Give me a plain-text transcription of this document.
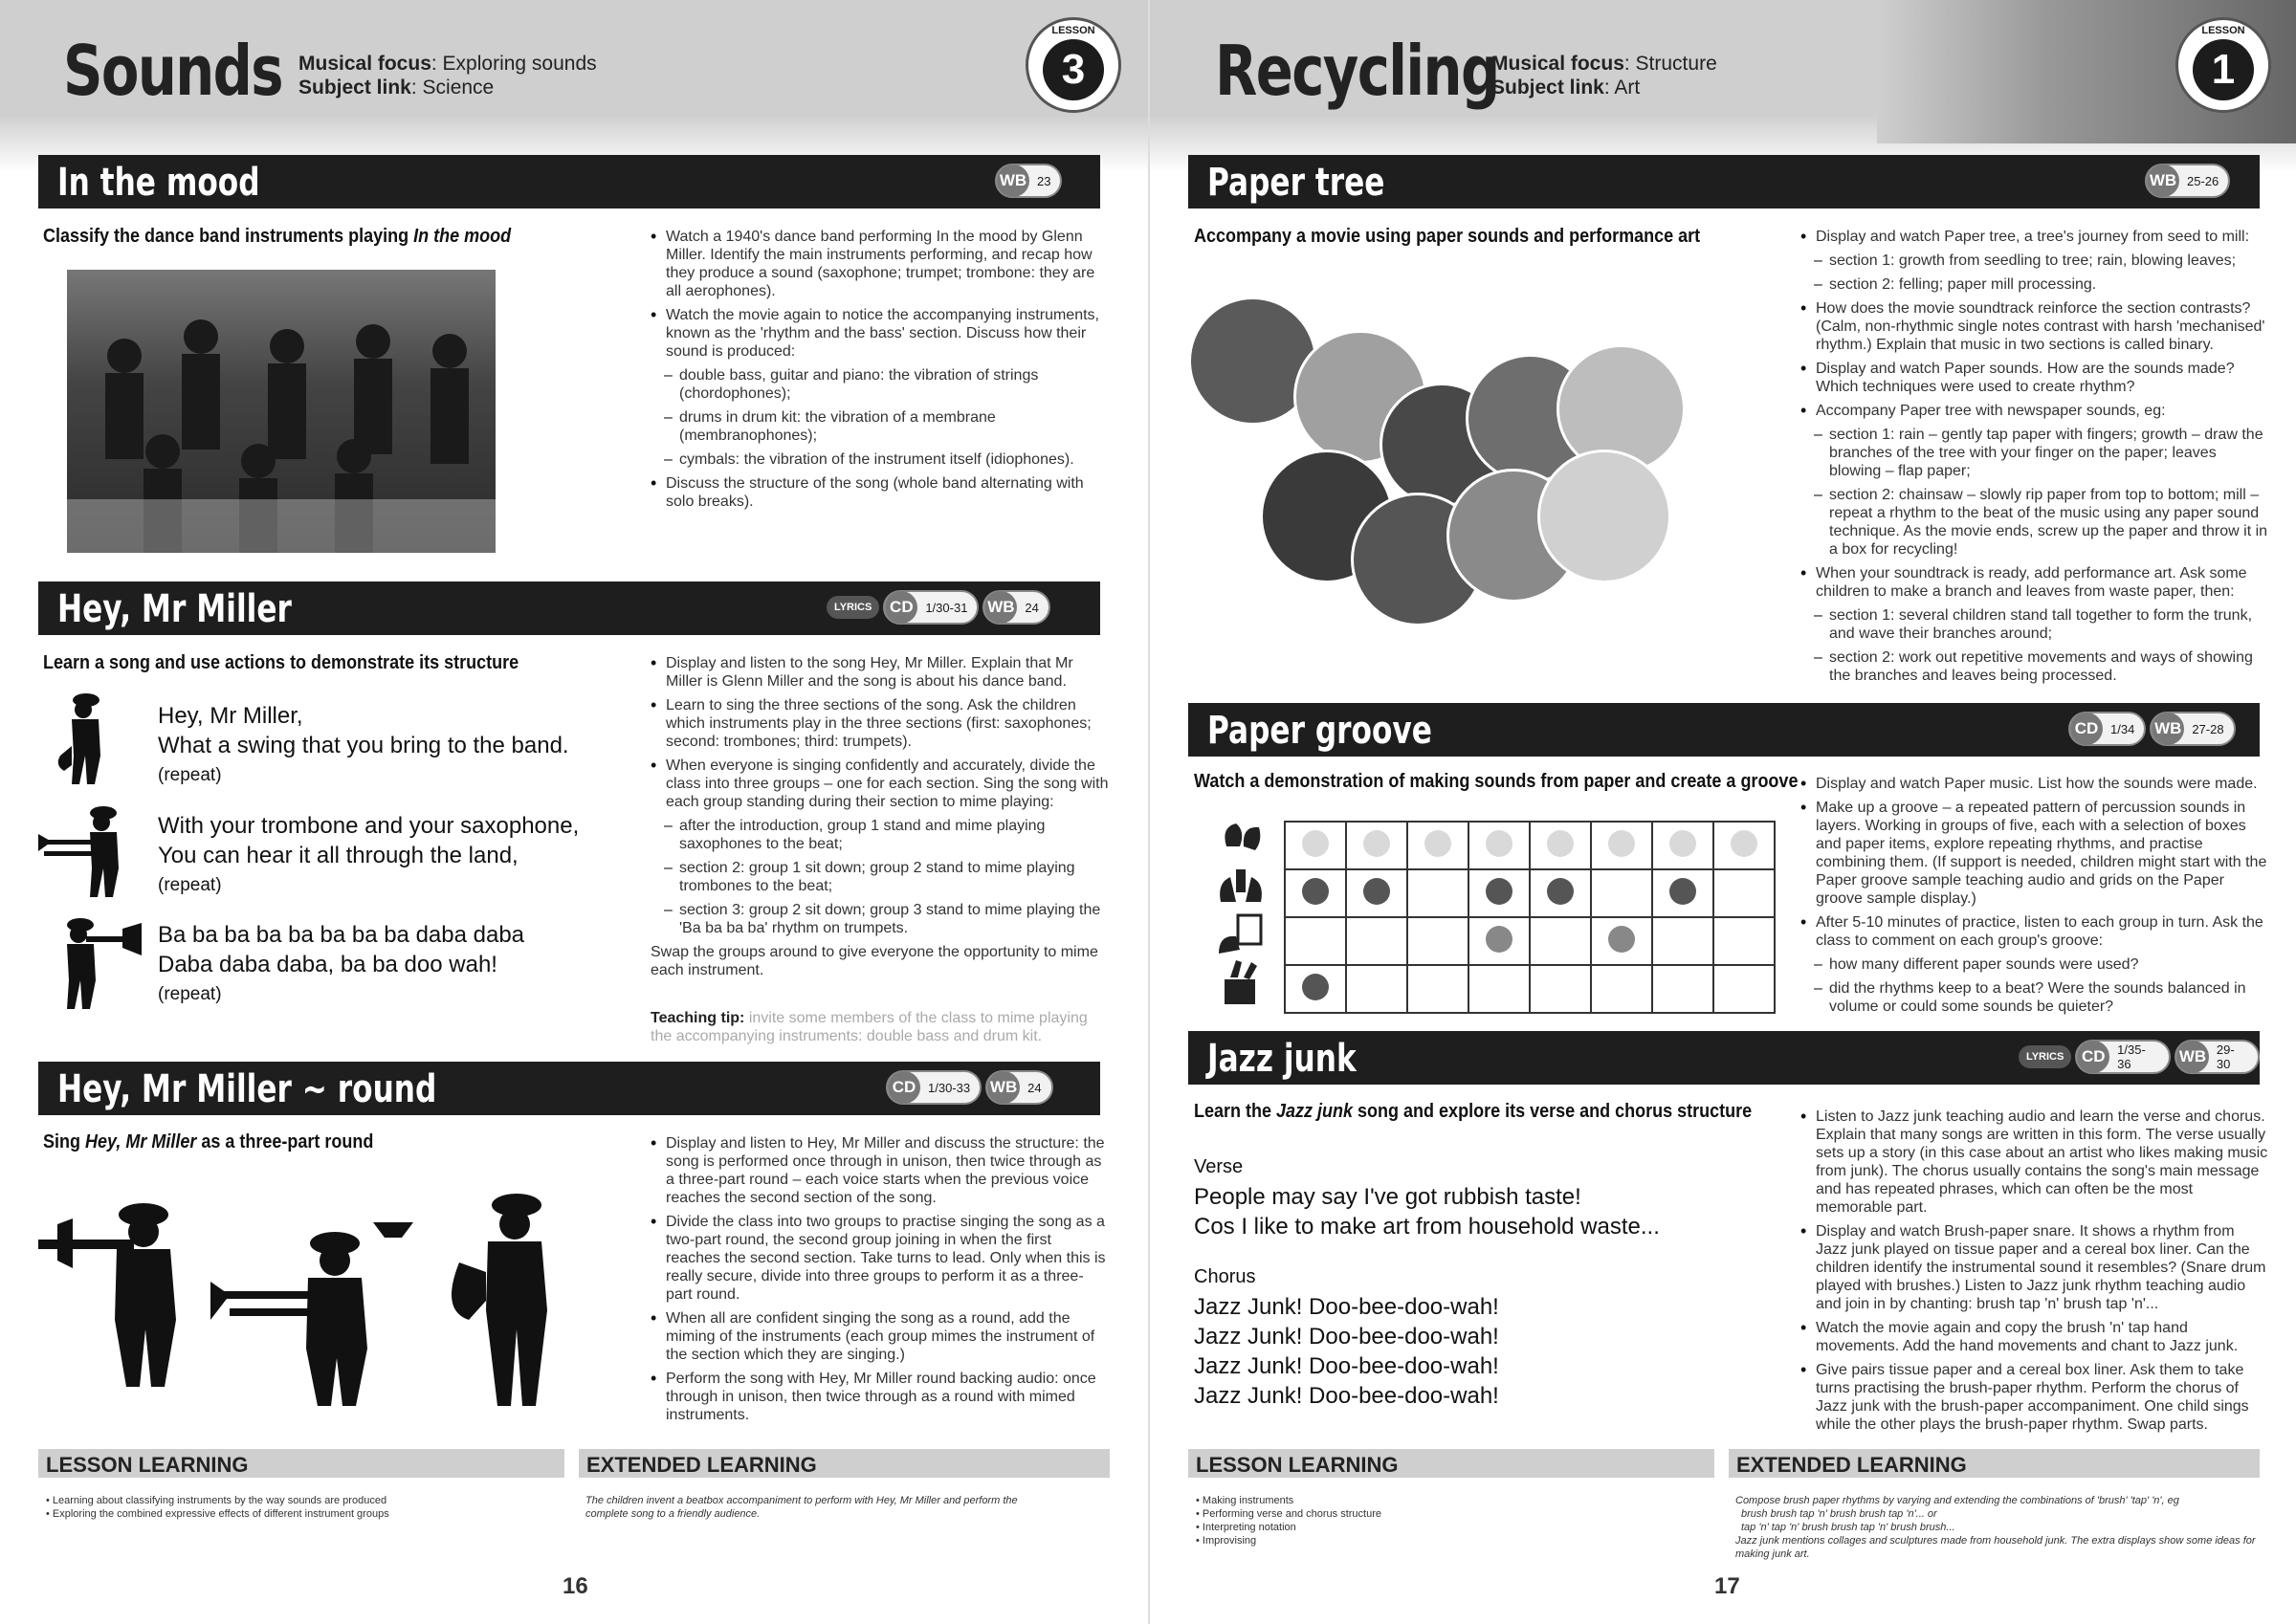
Sounds Musical focus: Exploring sounds
Subject link: Science
LESSON
3
In the mood	WB 23
Classify the dance band instruments playing In the mood	• Watch a 1940's dance band performing In the mood by Glenn Miller. Identify the main instruments performing, and recap how they produce a sound (saxophone; trumpet; trombone: they are all aerophones).

• Watch the movie again to notice the accompanying instruments, known as the 'rhythm and the bass' section. Discuss how their sound is produced:

– double bass, guitar and piano: the vibration of strings (chordophones);

– drums in drum kit: the vibration of a membrane (membranophones);

– cymbals: the vibration of the instrument itself (idiophones).

• Discuss the structure of the song (whole band alternating with solo breaks).

Hey, Mr Miller	LYRICS	CD 1/30-31 WB 24
Learn a song and use actions to demonstrate its structure
Hey, Mr Miller,
What a swing that you bring to the band.
(repeat)
With your trombone and your saxophone,
You can hear it all through the land,
(repeat)
Ba ba ba ba ba ba ba ba daba daba
Daba daba daba, ba ba doo wah!
(repeat)

• Display and listen to the song Hey, Mr Miller. Explain that Mr Miller is Glenn Miller and the song is about his dance band.

• Learn to sing the three sections of the song. Ask the children which instruments play in the three sections (first: saxophones; second: trombones; third: trumpets).

• When everyone is singing confidently and accurately, divide the class into three groups – one for each section. Sing the song with each group standing during their section to mime playing:

– after the introduction, group 1 stand and mime playing saxophones to the beat;

– section 2: group 1 sit down; group 2 stand to mime playing trombones to the beat;

– section 3: group 2 sit down; group 3 stand to mime playing the 'Ba ba ba ba' rhythm on trumpets.

Swap the groups around to give everyone the opportunity to mime each instrument.

Teaching tip: invite some members of the class to mime playing the accompanying instruments: double bass and drum kit.
Hey, Mr Miller ~ round	CD 1/30-33 WB 24
Sing Hey, Mr Miller as a three-part round	• Display and listen to Hey, Mr Miller and discuss the structure: the song is performed once through in unison, then twice through as a three-part round – each voice starts when the previous voice reaches the second section of the song.

• Divide the class into two groups to practise singing the song as a two-part round, the second group joining in when the first reaches the second section. Take turns to lead. Only when this is really secure, divide into three groups to perform it as a three-part round.

• When all are confident singing the song as a round, add the miming of the instruments (each group mimes the instrument of the section which they are singing.)

• Perform the song with Hey, Mr Miller round backing audio: once through in unison, then twice through as a round with mimed instruments.

LESSON LEARNING	EXTENDED LEARNING
• Learning about classifying instruments by the way sounds are produced
• Exploring the combined expressive effects of different instrument groups
The children invent a beatbox accompaniment to perform with Hey, Mr Miller and perform the complete song to a friendly audience.
16
Recycling
Musical focus: Structure
Subject link: Art
LESSON
1
Paper tree	WB 25-26
Accompany a movie using paper sounds and performance art	• Display and watch Paper tree, a tree's journey from seed to mill:

– section 1: growth from seedling to tree; rain, blowing leaves;

– section 2: felling; paper mill processing.

• How does the movie soundtrack reinforce the section contrasts? (Calm, non-rhythmic single notes contrast with harsh 'mechanised' rhythm.) Explain that music in two sections is called binary.

• Display and watch Paper sounds. How are the sounds made? Which techniques were used to create rhythm?

• Accompany Paper tree with newspaper sounds, eg:

– section 1: rain – gently tap paper with fingers; growth – draw the branches of the tree with your finger on the paper; leaves blowing – flap paper;

– section 2: chainsaw – slowly rip paper from top to bottom; mill – repeat a rhythm to the beat of the music using any paper sound technique. As the movie ends, screw up the paper and throw it in a box for recycling!

• When your soundtrack is ready, add performance art. Ask some children to make a branch and leaves from waste paper, then:

– section 1: several children stand tall together to form the trunk, and wave their branches around;

– section 2: work out repetitive movements and ways of showing the branches and leaves being processed.

Paper groove	CD 1/34 WB 27-28
Watch a demonstration of making sounds from paper and create a groove

								• Display and watch Paper music. List how the sounds were made.

• Make up a groove – a repeated pattern of percussion sounds in layers. Working in groups of five, each with a selection of boxes and paper items, explore repeating rhythms, and practise combining them. (If support is needed, children might start with the Paper groove sample teaching audio and grids on the Paper groove sample display.)

• After 5-10 minutes of practice, listen to each group in turn. Ask the class to comment on each group's groove:

– how many different paper sounds were used?

– did the rhythms keep to a beat? Were the sounds balanced in volume or could some sounds be quieter?

Jazz junk	LYRICS	CD 1/35-36	WB 29-30
Learn the Jazz junk song and explore its verse and chorus structure
Verse
People may say I've got rubbish taste!
Cos I like to make art from household waste...
Chorus
Jazz Junk! Doo-bee-doo-wah!
Jazz Junk! Doo-bee-doo-wah!
Jazz Junk! Doo-bee-doo-wah!
Jazz Junk! Doo-bee-doo-wah!

• Listen to Jazz junk teaching audio and learn the verse and chorus. Explain that many songs are written in this form. The verse usually sets up a story (in this case about an artist who likes making music from junk). The chorus usually contains the song's main message and has repeated phrases, which can often be the most memorable part.

• Display and watch Brush-paper snare. It shows a rhythm from Jazz junk played on tissue paper and a cereal box liner. Can the children identify the instrumental sound it resembles? (Snare drum played with brushes.) Listen to Jazz junk rhythm teaching audio and join in by chanting: brush tap 'n' brush tap 'n'...

• Watch the movie again and copy the brush 'n' tap hand movements. Add the hand movements and chant to Jazz junk.

• Give pairs tissue paper and a cereal box liner. Ask them to take turns practising the brush-paper rhythm. Perform the chorus of Jazz junk with the brush-paper accompaniment. One child sings while the other plays the brush-paper rhythm. Swap parts.

LESSON LEARNING	EXTENDED LEARNING
• Making instruments
• Performing verse and chorus structure
• Interpreting notation
• Improvising
Compose brush paper rhythms by varying and extending the combinations of 'brush' 'tap' 'n', eg
brush brush tap 'n' brush brush tap 'n'... or
tap 'n' tap 'n' brush brush tap 'n' brush brush...
Jazz junk mentions collages and sculptures made from household junk. The extra displays show some ideas for making junk art.
17
